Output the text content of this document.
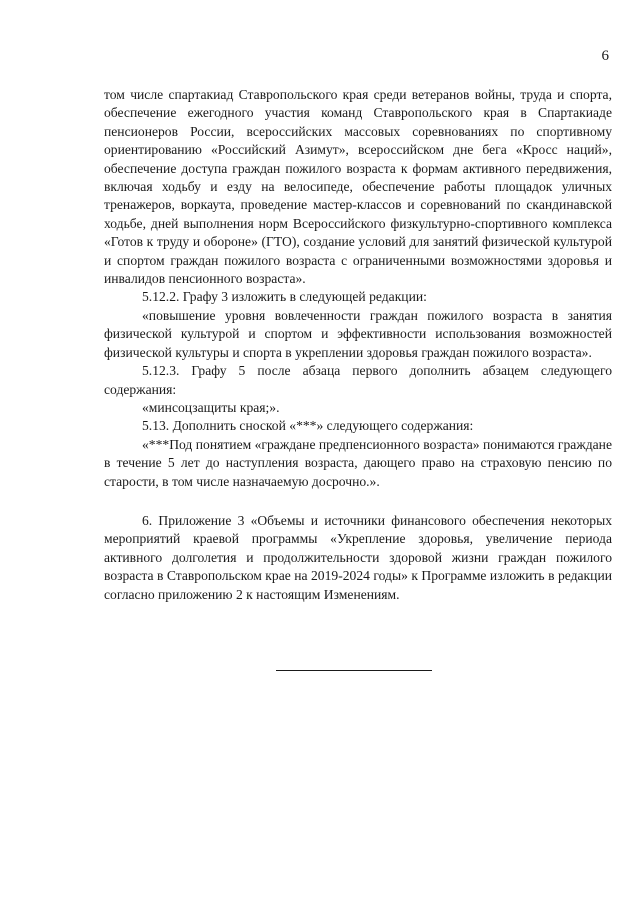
6

том числе спартакиад Ставропольского края среди ветеранов войны, труда и спорта, обеспечение ежегодного участия команд Ставропольского края в Спартакиаде пенсионеров России, всероссийских массовых соревнованиях по спортивному ориентированию «Российский Азимут», всероссийском дне бега «Кросс наций», обеспечение доступа граждан пожилого возраста к формам активного передвижения, включая ходьбу и езду на велосипеде, обеспечение работы площадок уличных тренажеров, воркаута, проведение мастер-классов и соревнований по скандинавской ходьбе, дней выполнения норм Всероссийского физкультурно-спортивного комплекса «Готов к труду и обороне» (ГТО), создание условий для занятий физической культурой и спортом граждан пожилого возраста с ограниченными возможностями здоровья и инвалидов пенсионного возраста».

5.12.2. Графу 3 изложить в следующей редакции:

«повышение уровня вовлеченности граждан пожилого возраста в занятия физической культурой и спортом и эффективности использования возможностей физической культуры и спорта в укреплении здоровья граждан пожилого возраста».

5.12.3. Графу 5 после абзаца первого дополнить абзацем следующего содержания:

«минсоцзащиты края;».

5.13. Дополнить сноской «***» следующего содержания:

«***Под понятием «граждане предпенсионного возраста» понимаются граждане в течение 5 лет до наступления возраста, дающего право на страховую пенсию по старости, в том числе назначаемую досрочно.».

6. Приложение 3 «Объемы и источники финансового обеспечения некоторых мероприятий краевой программы «Укрепление здоровья, увеличение периода активного долголетия и продолжительности здоровой жизни граждан пожилого возраста в Ставропольском крае на 2019-2024 годы» к Программе изложить в редакции согласно приложению 2 к настоящим Изменениям.
